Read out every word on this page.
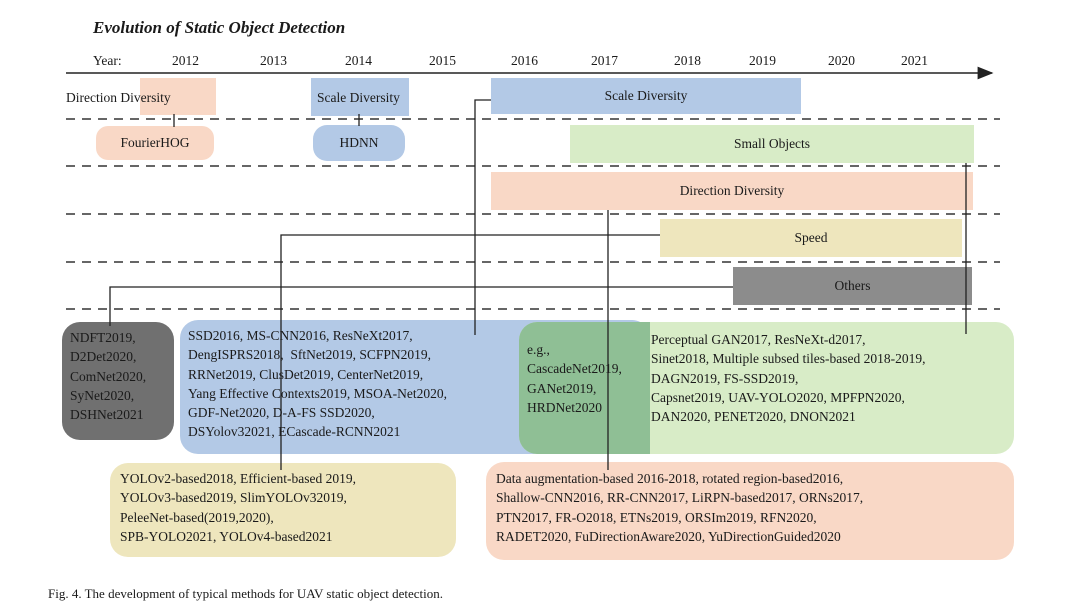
Evolution of Static Object Detection
Year:	2012	2013	2014	2015	2016	2017	2018	2019	2020	2021
Direction Diversity	Scale Diversity	Scale Diversity
FourierHOG	HDNN	Small Objects
Direction Diversity
Speed
Others
NDFT2019,
D2Det2020,
ComNet2020,
SyNet2020,
DSHNet2021
SSD2016, MS-CNN2016, ResNeXt2017,
DengISPRS2018,  SftNet2019, SCFPN2019,
RRNet2019, ClusDet2019, CenterNet2019,
Yang Effective Contexts2019, MSOA-Net2020,
GDF-Net2020, D-A-FS SSD2020,
DSYolov32021, ECascade-RCNN2021
Perceptual GAN2017, ResNeXt-d2017,
Sinet2018, Multiple subsed tiles-based 2018-2019,
DAGN2019, FS-SSD2019,
Capsnet2019, UAV-YOLO2020, MPFPN2020,
DAN2020, PENET2020, DNON2021
e.g.,
CascadeNet2019,
GANet2019,
HRDNet2020
YOLOv2-based2018, Efficient-based 2019,
YOLOv3-based2019, SlimYOLOv32019,
PeleeNet-based(2019,2020),
SPB-YOLO2021, YOLOv4-based2021
Data augmentation-based 2016-2018, rotated region-based2016,
Shallow-CNN2016, RR-CNN2017, LiRPN-based2017, ORNs2017,
PTN2017, FR-O2018, ETNs2019, ORSIm2019, RFN2020,
RADET2020, FuDirectionAware2020, YuDirectionGuided2020
Fig. 4. The development of typical methods for UAV static object detection.
